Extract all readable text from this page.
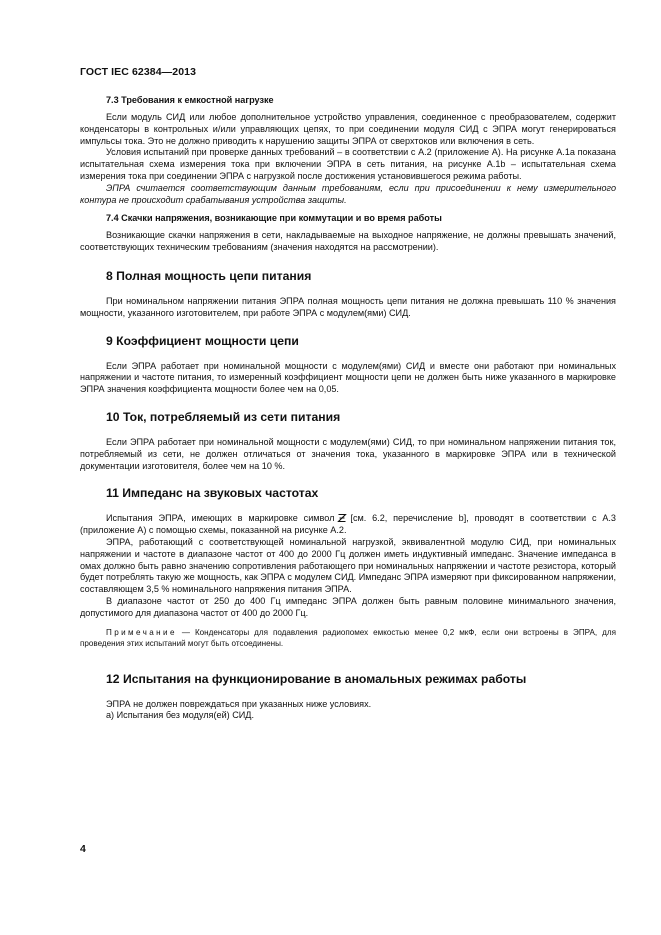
ГОСТ IEC 62384—2013
7.3 Требования к емкостной нагрузке

Если модуль СИД или любое дополнительное устройство управления, соединенное с преобразователем, содержит конденсаторы в контрольных и/или управляющих цепях, то при соединении модуля СИД с ЭПРА могут генерироваться импульсы тока. Это не должно приводить к нарушению защиты ЭПРА от сверхтоков или включения в сеть.

Условия испытаний при проверке данных требований – в соответствии с А.2 (приложение А). На рисунке А.1а показана испытательная схема измерения тока при включении ЭПРА в сеть питания, на рисунке А.1b – испытательная схема измерения тока при соединении ЭПРА с нагрузкой после достижения установившегося режима работы.

ЭПРА считается соответствующим данным требованиям, если при присоединении к нему измерительного контура не происходит срабатывания устройства защиты.

7.4 Скачки напряжения, возникающие при коммутации и во время работы

Возникающие скачки напряжения в сети, накладываемые на выходное напряжение, не должны превышать значений, соответствующих техническим требованиям (значения находятся на рассмотрении).

8 Полная мощность цепи питания

При номинальном напряжении питания ЭПРА полная мощность цепи питания не должна превышать 110 % значения мощности, указанного изготовителем, при работе ЭПРА с модулем(ями) СИД.

9 Коэффициент мощности цепи

Если ЭПРА работает при номинальной мощности с модулем(ями) СИД и вместе они работают при номинальных напряжении и частоте питания, то измеренный коэффициент мощности цепи не должен быть ниже указанного в маркировке ЭПРА значения коэффициента мощности более чем на 0,05.

10 Ток, потребляемый из сети питания

Если ЭПРА работает при номинальной мощности с модулем(ями) СИД, то при номинальном напряжении питания ток, потребляемый из сети, не должен отличаться от значения тока, указанного в маркировке ЭПРА или в технической документации изготовителя, более чем на 10 %.

11 Импеданс на звуковых частотах

Испытания ЭПРА, имеющих в маркировке символ [см. 6.2, перечисление b], проводят в соответствии с А.3 (приложение А) с помощью схемы, показанной на рисунке А.2.

ЭПРА, работающий с соответствующей номинальной нагрузкой, эквивалентной модулю СИД, при номинальных напряжении и частоте в диапазоне частот от 400 до 2000 Гц должен иметь индуктивный импеданс. Значение импеданса в омах должно быть равно значению сопротивления работающего при номинальных напряжении и частоте резистора, который будет потреблять такую же мощность, как ЭПРА с модулем СИД. Импеданс ЭПРА измеряют при фиксированном напряжении, составляющем 3,5 % номинального напряжения питания ЭПРА.

В диапазоне частот от 250 до 400 Гц импеданс ЭПРА должен быть равным половине минимального значения, допустимого для диапазона частот от 400 до 2000 Гц.

Примечание — Конденсаторы для подавления радиопомех емкостью менее 0,2 мкФ, если они встроены в ЭПРА, для проведения этих испытаний могут быть отсоединены.

12 Испытания на функционирование в аномальных режимах работы

ЭПРА не должен повреждаться при указанных ниже условиях.

а) Испытания без модуля(ей) СИД.

4
